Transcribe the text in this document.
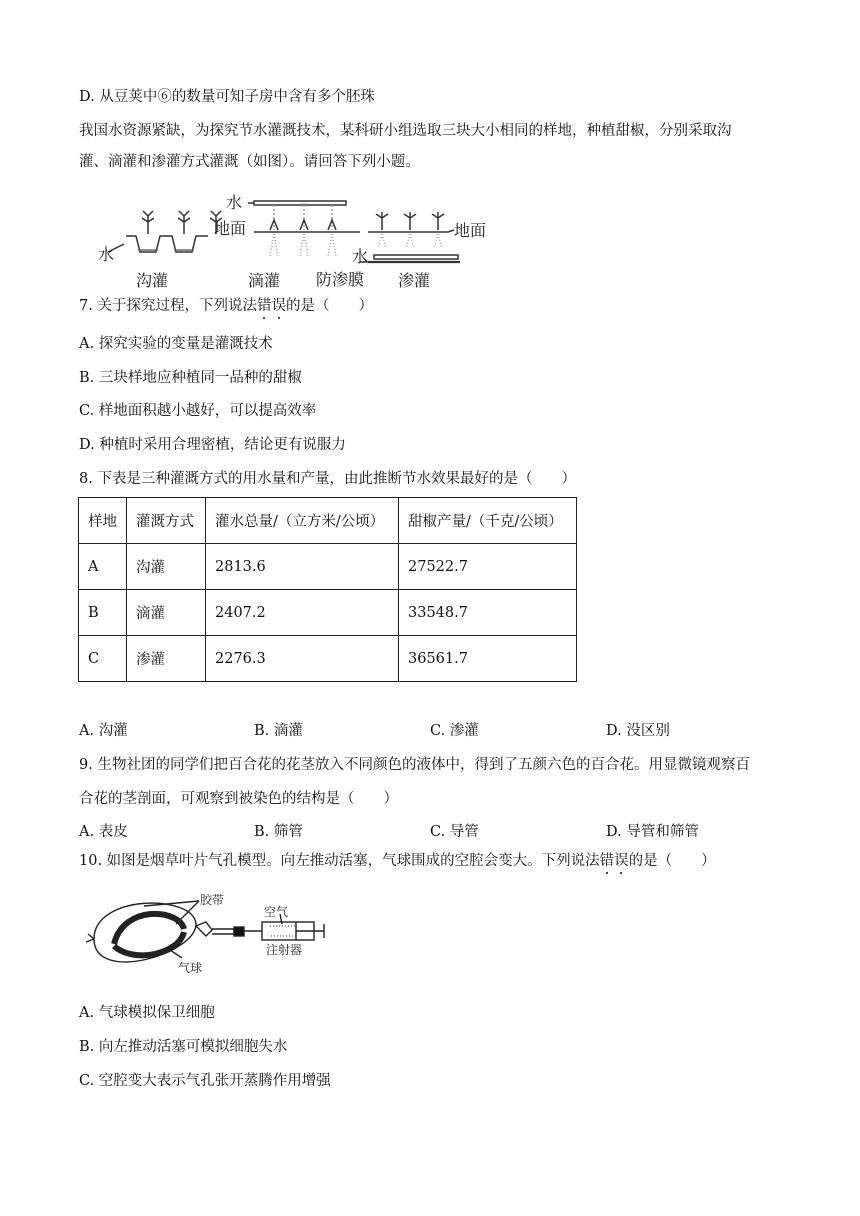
D. 从豆荚中⑥的数量可知子房中含有多个胚珠
我国水资源紧缺，为探究节水灌溉技术，某科研小组选取三块大小相同的样地，种植甜椒，分别采取沟
灌、滴灌和渗灌方式灌溉（如图）。请回答下列小题。
水
地面
水	水
地面
防渗膜
沟灌	滴灌	渗灌
7. 关于探究过程，下列说法错误的是（　　）
A. 探究实验的变量是灌溉技术
B. 三块样地应种植同一品种的甜椒
C. 样地面积越小越好，可以提高效率
D. 种植时采用合理密植，结论更有说服力
8. 下表是三种灌溉方式的用水量和产量，由此推断节水效果最好的是（　　）
样地	灌溉方式	灌水总量/（立方米/公顷）	甜椒产量/（千克/公顷）
A	沟灌	2813.6	27522.7
B	滴灌	2407.2	33548.7
C	渗灌	2276.3	36561.7
A. 沟灌	B. 滴灌	C. 渗灌	D. 没区别
9. 生物社团的同学们把百合花的花茎放入不同颜色的液体中，得到了五颜六色的百合花。用显微镜观察百
合花的茎剖面，可观察到被染色的结构是（　　）
A. 表皮	B. 筛管	C. 导管	D. 导管和筛管
10. 如图是烟草叶片气孔模型。向左推动活塞，气球围成的空腔会变大。下列说法错误的是（　　）
胶带
空气
气球
注射器
A. 气球模拟保卫细胞
B. 向左推动活塞可模拟细胞失水
C. 空腔变大表示气孔张开蒸腾作用增强
